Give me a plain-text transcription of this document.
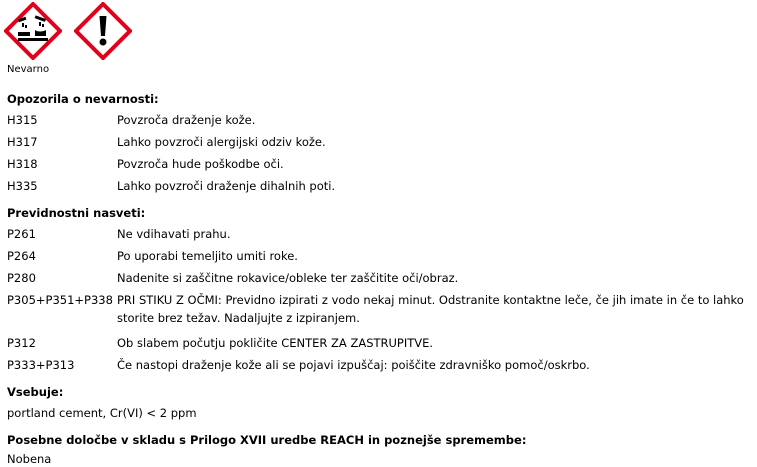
Nevarno
Opozorila o nevarnosti:
H315	Povzroča draženje kože.
H317	Lahko povzroči alergijski odziv kože.
H318	Povzroča hude poškodbe oči.
H335	Lahko povzroči draženje dihalnih poti.
Previdnostni nasveti:
P261	Ne vdihavati prahu.
P264	Po uporabi temeljito umiti roke.
P280	Nadenite si zaščitne rokavice/obleke ter zaščitite oči/obraz.
P305+P351+P338 PRI STIKU Z OČMI: Previdno izpirati z vodo nekaj minut. Odstranite kontaktne leče, če jih imate in če to lahko storite brez težav. Nadaljujte z izpiranjem.
P312	Ob slabem počutju pokličite CENTER ZA ZASTRUPITVE.
P333+P313	Če nastopi draženje kože ali se pojavi izpuščaj: poiščite zdravniško pomoč/oskrbo.
Vsebuje:
portland cement, Cr(VI) < 2 ppm
Posebne določbe v skladu s Prilogo XVII uredbe REACH in poznejše spremembe:
Nobena
